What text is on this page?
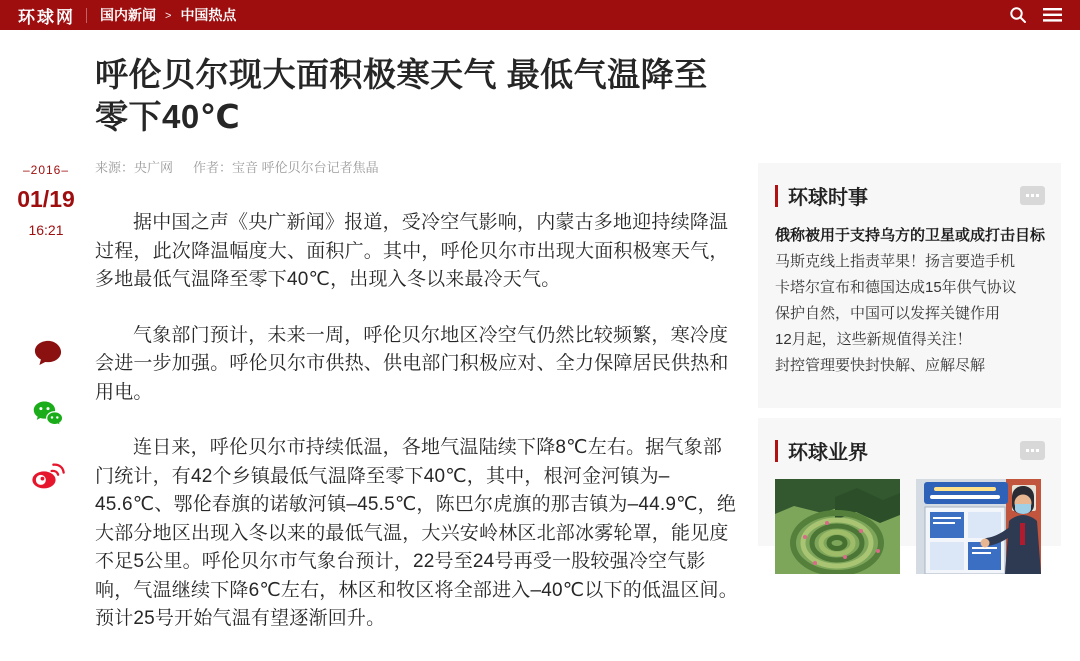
环球网 国内新闻 > 中国热点
–2016–
01/19
16:21
呼伦贝尔现大面积极寒天气 最低气温降至零下40℃
来源：央广网 作者：宝音 呼伦贝尔台记者焦晶

据中国之声《央广新闻》报道，受冷空气影响，内蒙古多地迎持续降温过程，此次降温幅度大、面积广。其中，呼伦贝尔市出现大面积极寒天气，多地最低气温降至零下40℃，出现入冬以来最冷天气。

气象部门预计，未来一周，呼伦贝尔地区冷空气仍然比较频繁，寒冷度会进一步加强。呼伦贝尔市供热、供电部门积极应对、全力保障居民供热和用电。

连日来，呼伦贝尔市持续低温，各地气温陆续下降8℃左右。据气象部门统计，有42个乡镇最低气温降至零下40℃，其中，根河金河镇为–45.6℃、鄂伦春旗的诺敏河镇–45.5℃，陈巴尔虎旗的那吉镇为–44.9℃，绝大部分地区出现入冬以来的最低气温，大兴安岭林区北部冰雾轮罩，能见度不足5公里。呼伦贝尔市气象台预计，22号至24号再受一股较强冷空气影响，气温继续下降6℃左右，林区和牧区将全部进入–40℃以下的低温区间。预计25号开始气温有望逐渐回升。

环球时事
俄称被用于支持乌方的卫星或成打击目标
马斯克线上指责苹果！扬言要造手机
卡塔尔宣布和德国达成15年供气协议
保护自然，中国可以发挥关键作用
12月起，这些新规值得关注！
封控管理要快封快解、应解尽解
环球业界
